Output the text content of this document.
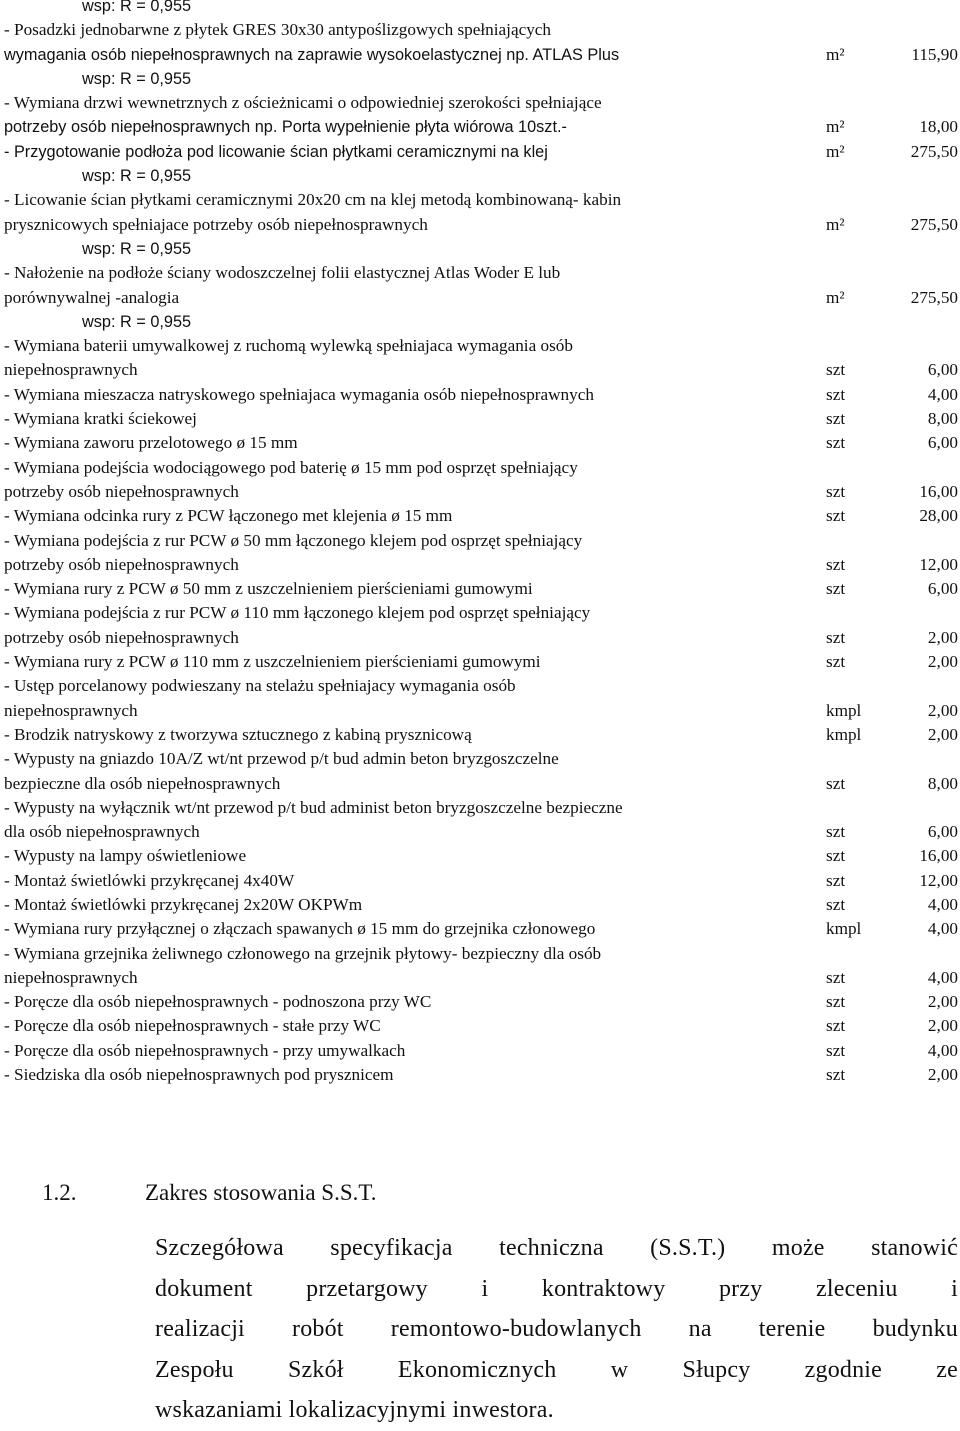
wsp: R = 0,955
- Posadzki jednobarwne z płytek GRES 30x30 antypoślizgowych spełniających
wymagania osób niepełnosprawnych na zaprawie wysokoelastycznej np. ATLAS Plus	m²	115,90
wsp: R = 0,955
- Wymiana drzwi wewnetrznych z ościeżnicami o odpowiedniej szerokości spełniające
potrzeby osób niepełnosprawnych np. Porta wypełnienie płyta wiórowa 10szt.-	m²	18,00
- Przygotowanie podłoża pod licowanie ścian płytkami ceramicznymi na klej	m²	275,50
wsp: R = 0,955
- Licowanie ścian płytkami ceramicznymi 20x20 cm na klej metodą kombinowaną- kabin
prysznicowych spełniajace potrzeby osób niepełnosprawnych	m²	275,50
wsp: R = 0,955
- Nałożenie na podłoże ściany wodoszczelnej folii elastycznej Atlas Woder E lub
porównywalnej -analogia	m²	275,50
wsp: R = 0,955
- Wymiana baterii umywalkowej z ruchomą wylewką spełniajaca wymagania osób
niepełnosprawnych	szt	6,00
- Wymiana mieszacza natryskowego spełniajaca wymagania osób niepełnosprawnych	szt	4,00
- Wymiana kratki ściekowej	szt	8,00
- Wymiana zaworu przelotowego ø 15 mm	szt	6,00
- Wymiana podejścia wodociągowego pod baterię ø 15 mm pod osprzęt spełniający
potrzeby osób niepełnosprawnych	szt	16,00
- Wymiana odcinka rury z PCW łączonego met klejenia ø 15 mm	szt	28,00
- Wymiana podejścia z rur PCW ø 50 mm łączonego klejem pod osprzęt spełniający
potrzeby osób niepełnosprawnych	szt	12,00
- Wymiana rury z PCW ø 50 mm z uszczelnieniem pierścieniami gumowymi	szt	6,00
- Wymiana podejścia z rur PCW ø 110 mm łączonego klejem pod osprzęt spełniający
potrzeby osób niepełnosprawnych	szt	2,00
- Wymiana rury z PCW ø 110 mm z uszczelnieniem pierścieniami gumowymi	szt	2,00
- Ustęp porcelanowy podwieszany na stelażu spełniajacy wymagania osób
niepełnosprawnych	kmpl	2,00
- Brodzik natryskowy z tworzywa sztucznego z kabiną prysznicową	kmpl	2,00
- Wypusty na gniazdo 10A/Z wt/nt przewod p/t bud admin beton bryzgoszczelne
bezpieczne dla osób niepełnosprawnych	szt	8,00
- Wypusty na wyłącznik wt/nt przewod p/t bud administ beton bryzgoszczelne bezpieczne
dla osób niepełnosprawnych	szt	6,00
- Wypusty na lampy oświetleniowe	szt	16,00
- Montaż świetlówki przykręcanej 4x40W	szt	12,00
- Montaż świetlówki przykręcanej 2x20W OKPWm	szt	4,00
- Wymiana rury przyłącznej o złączach spawanych ø 15 mm do grzejnika członowego	kmpl	4,00
- Wymiana grzejnika żeliwnego członowego na grzejnik płytowy- bezpieczny dla osób
niepełnosprawnych	szt	4,00
- Poręcze dla osób niepełnosprawnych - podnoszona przy WC	szt	2,00
- Poręcze dla osób niepełnosprawnych - stałe przy WC	szt	2,00
- Poręcze dla osób niepełnosprawnych - przy umywalkach	szt	4,00
- Siedziska dla osób niepełnosprawnych pod prysznicem	szt	2,00
1.2.	Zakres stosowania S.S.T.
Szczegółowa specyfikacja techniczna (S.S.T.) może stanowić
dokument przetargowy i kontraktowy przy zleceniu i
realizacji robót remontowo-budowlanych na terenie budynku
Zespołu Szkół Ekonomicznych w Słupcy zgodnie ze
wskazaniami lokalizacyjnymi inwestora.
